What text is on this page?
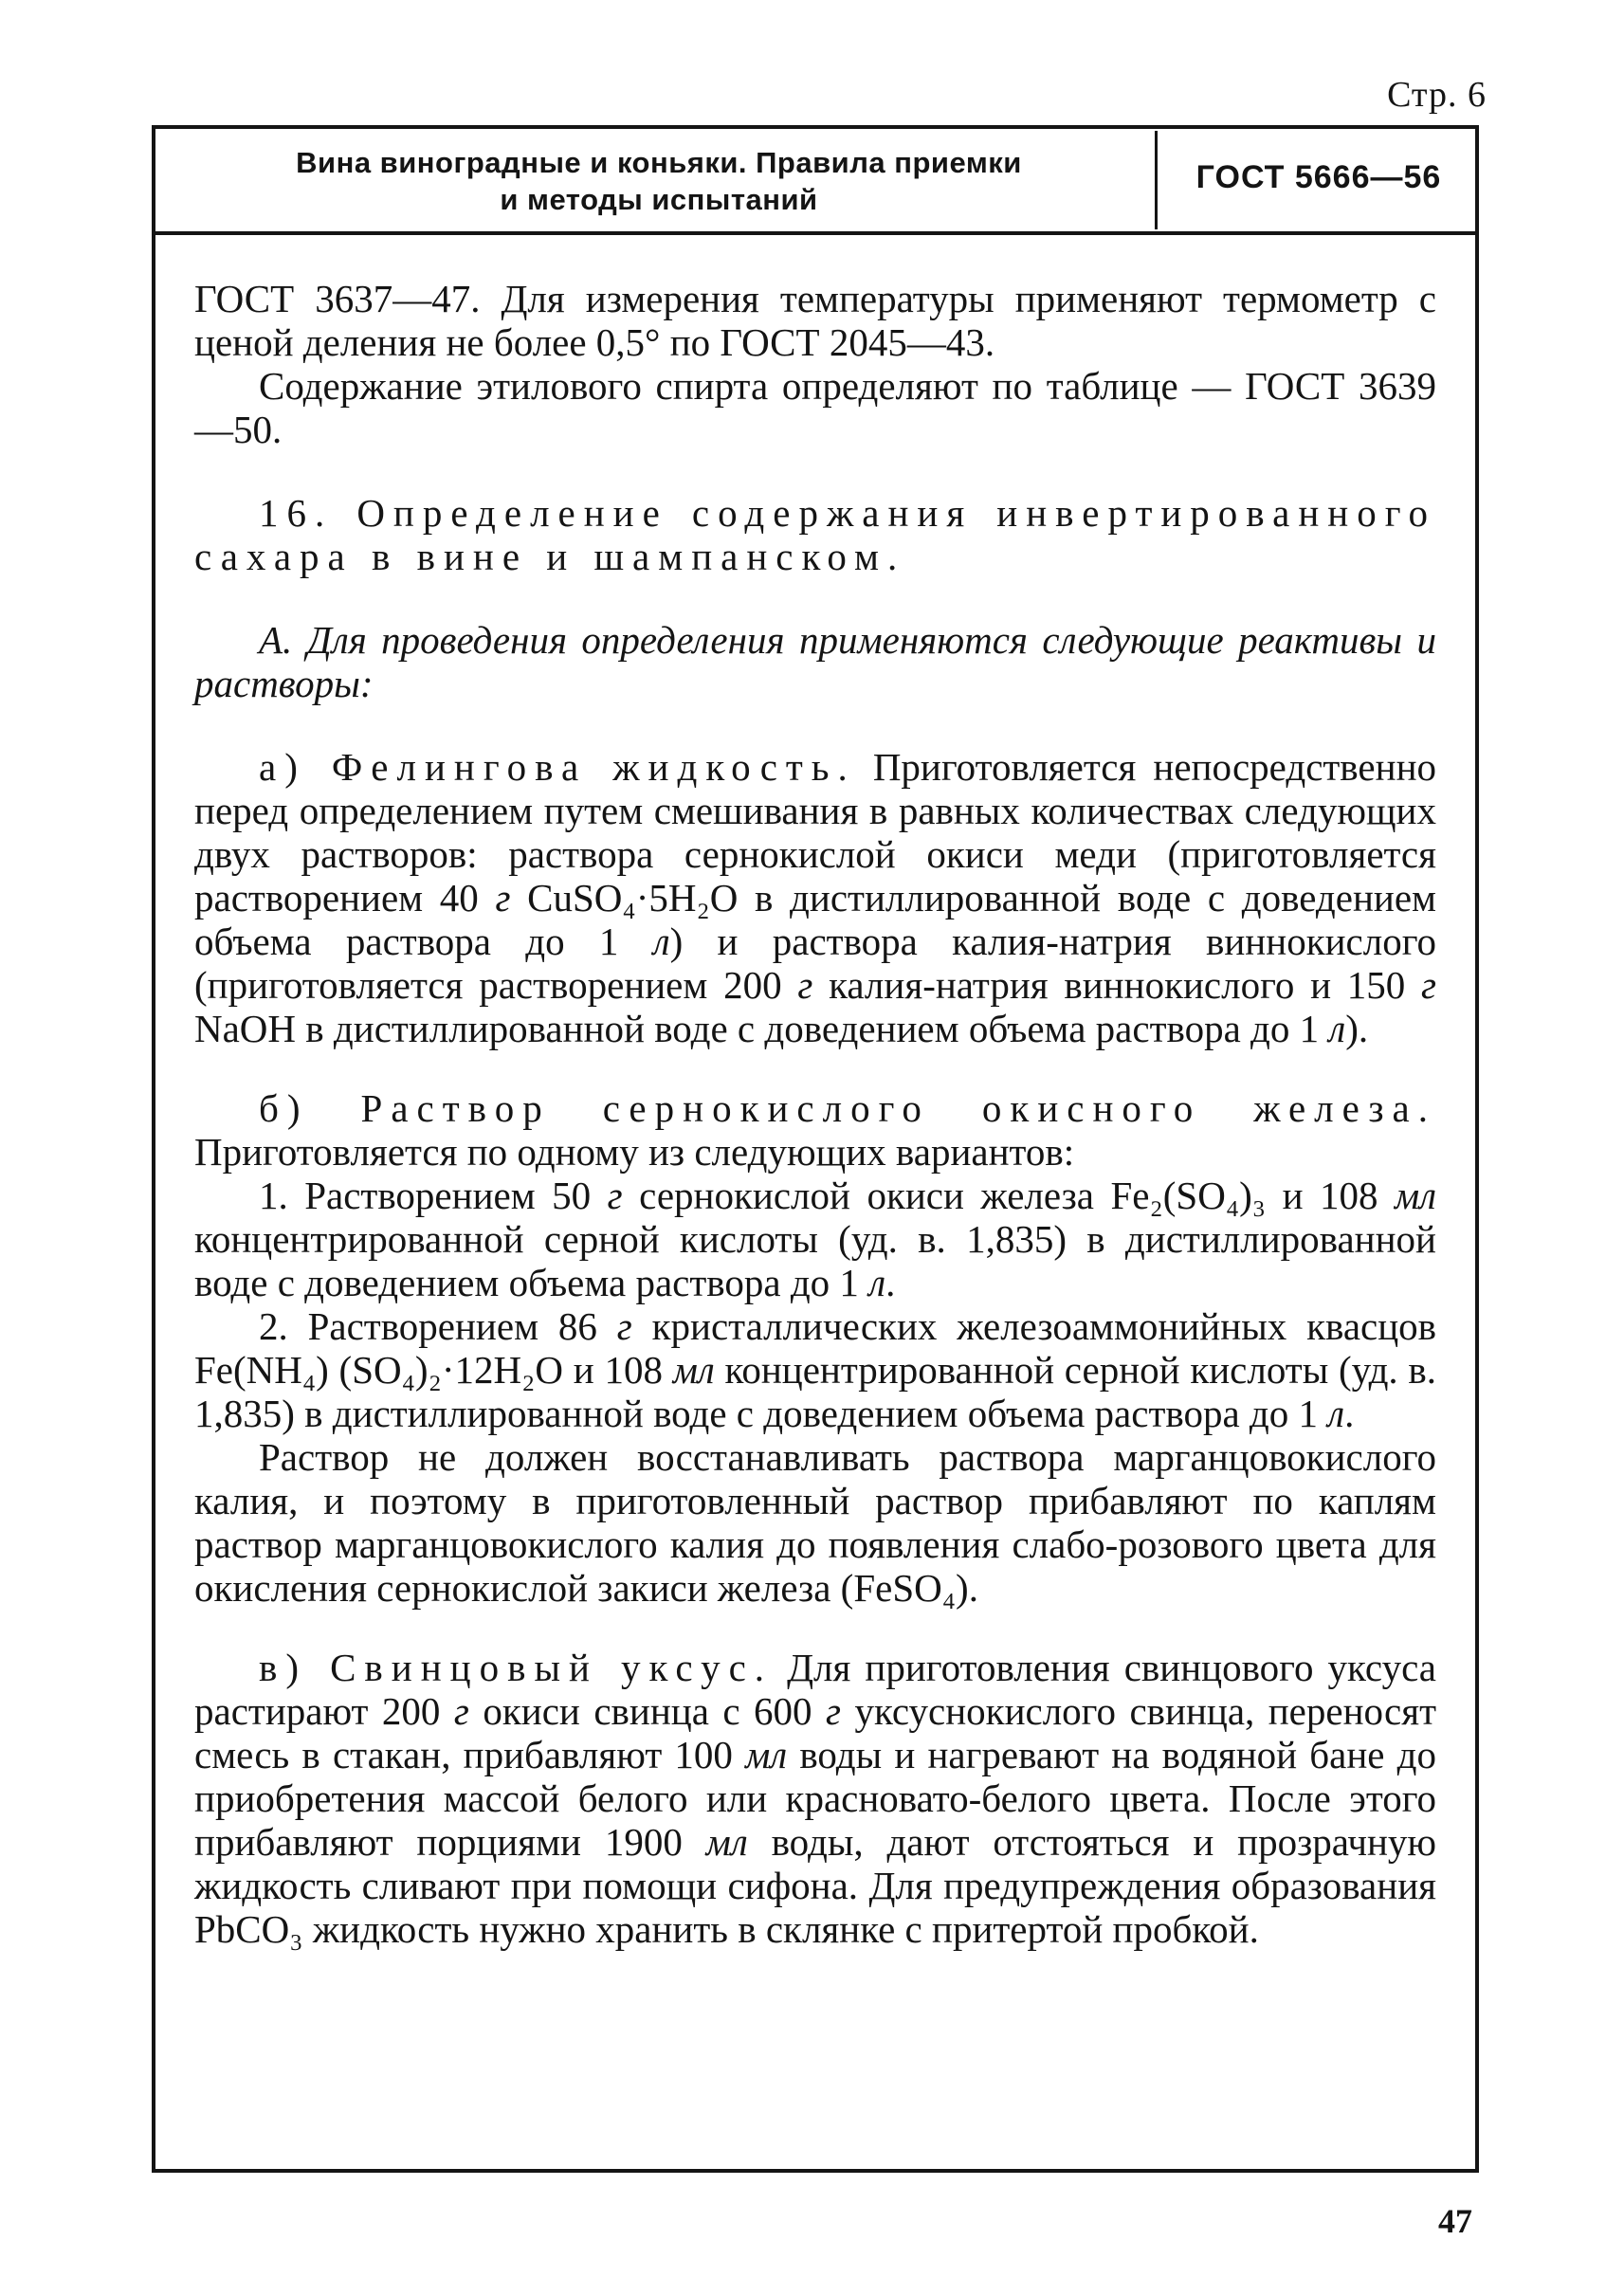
Стр. 6
Вина виноградные и коньяки. Правила приемки
и методы испытаний
ГОСТ 5666—56

ГОСТ 3637—47. Для измерения температуры применяют термометр с ценой деления не более 0,5° по ГОСТ 2045—43.

Содержание этилового спирта определяют по таблице — ГОСТ 3639—50.

16. Определение содержания инвертированного сахара в вине и шампанском.

А. Для проведения определения применяются следующие реактивы и растворы:

а) Фелингова жидкость. Приготовляется непосредственно перед определением путем смешивания в равных количествах следующих двух растворов: раствора сернокислой окиси меди (приготовляется растворением 40 г CuSO₄·5H₂O в дистиллированной воде с доведением объема раствора до 1 л) и раствора калия-натрия виннокислого (приготовляется растворением 200 г калия-натрия виннокислого и 150 г NaOH в дистиллированной воде с доведением объема раствора до 1 л).

б) Раствор сернокислого окисного железа. Приготовляется по одному из следующих вариантов:

1. Растворением 50 г сернокислой окиси железа Fe₂(SO₄)₃ и 108 мл концентрированной серной кислоты (уд. в. 1,835) в дистиллированной воде с доведением объема раствора до 1 л.

2. Растворением 86 г кристаллических железоаммонийных квасцов Fe(NH₄) (SO₄)₂·12H₂O и 108 мл концентрированной серной кислоты (уд. в. 1,835) в дистиллированной воде с доведением объема раствора до 1 л.

Раствор не должен восстанавливать раствора марганцовокислого калия, и поэтому в приготовленный раствор прибавляют по каплям раствор марганцовокислого калия до появления слабо-розового цвета для окисления сернокислой закиси железа (FeSO₄).

в) Свинцовый уксус. Для приготовления свинцового уксуса растирают 200 г окиси свинца с 600 г уксуснокислого свинца, переносят смесь в стакан, прибавляют 100 мл воды и нагревают на водяной бане до приобретения массой белого или красновато-белого цвета. После этого прибавляют порциями 1900 мл воды, дают отстояться и прозрачную жидкость сливают при помощи сифона. Для предупреждения образования PbCO₃ жидкость нужно хранить в склянке с притертой пробкой.

47
